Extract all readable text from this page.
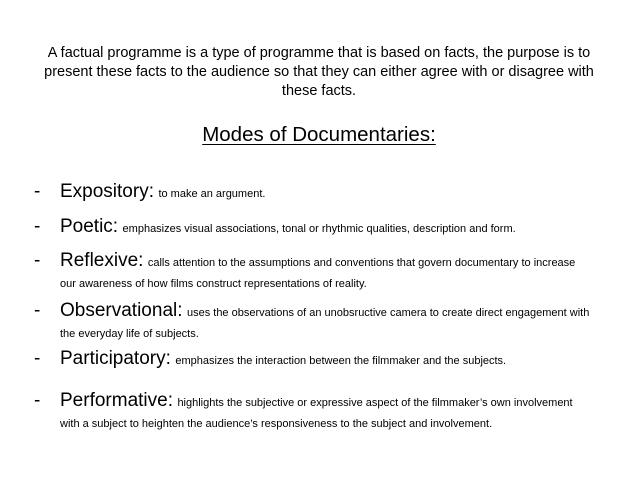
A factual programme is a type of programme that is based on facts, the purpose is to present these facts to the audience so that they can either agree with or disagree with these facts.
Modes of Documentaries:
- Expository: to make an argument.
- Poetic: emphasizes visual associations, tonal or rhythmic qualities, description and form.
- Reflexive: calls attention to the assumptions and conventions that govern documentary to increase our awareness of how films construct representations of reality.
- Observational: uses the observations of an unobsructive camera to create direct engagement with the everyday life of subjects.
- Participatory: emphasizes the interaction between the filmmaker and the subjects.
- Performative: highlights the subjective or expressive aspect of the filmmaker’s own involvement with a subject to heighten the audience’s responsiveness to the subject and involvement.
